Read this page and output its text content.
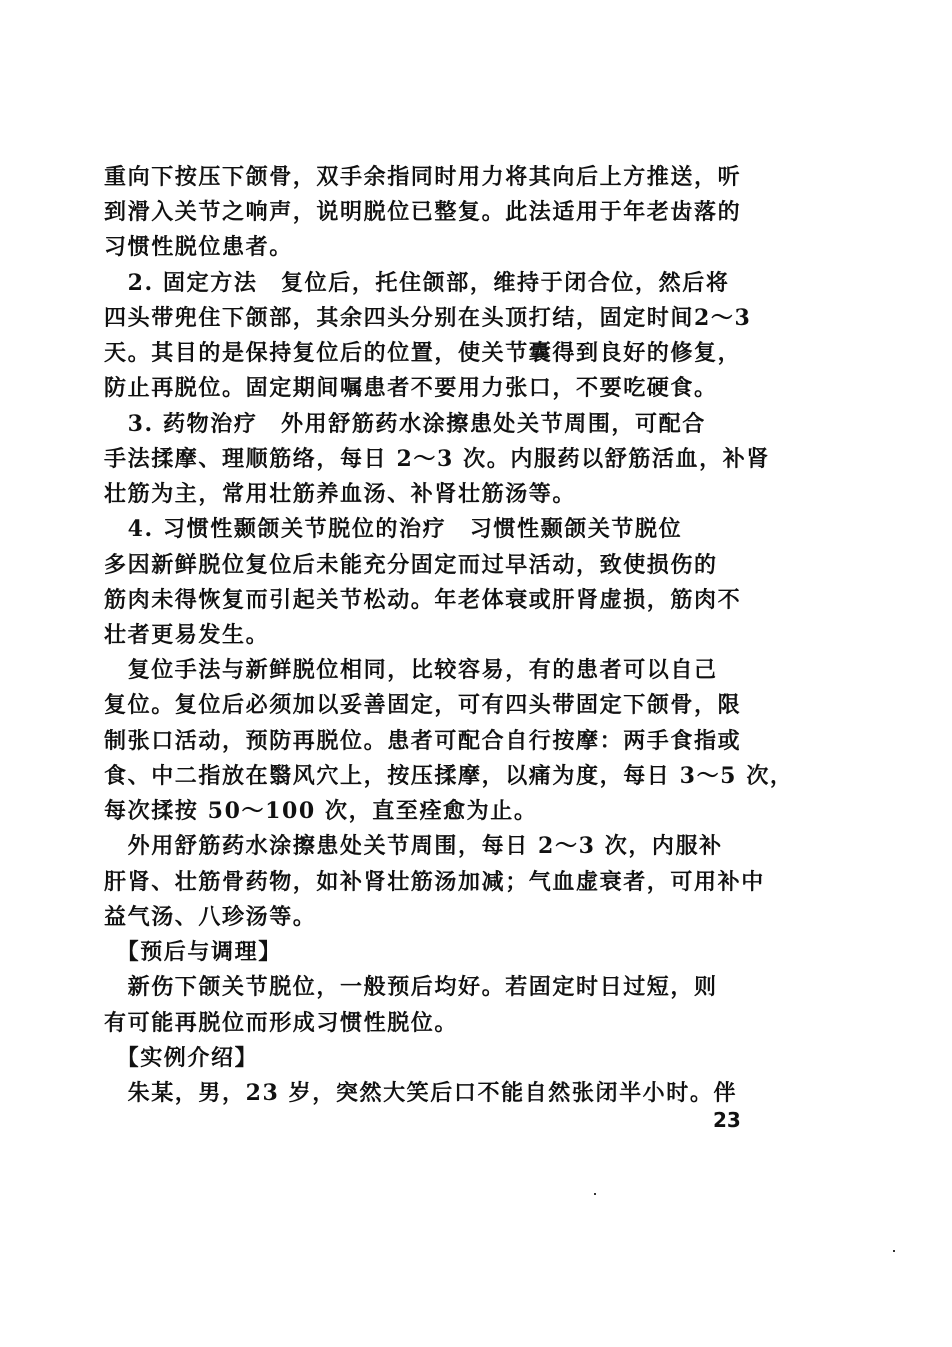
重向下按压下颌骨，双手余指同时用力将其向后上方推送，听
到滑入关节之响声，说明脱位已整复。此法适用于年老齿落的
习惯性脱位患者。
　2. 固定方法　复位后，托住颌部，维持于闭合位，然后将
四头带兜住下颌部，其余四头分别在头顶打结，固定时间2～3
天。其目的是保持复位后的位置，使关节囊得到良好的修复，
防止再脱位。固定期间嘱患者不要用力张口，不要吃硬食。
　3. 药物治疗　外用舒筋药水涂擦患处关节周围，可配合
手法揉摩、理顺筋络，每日 2～3 次。内服药以舒筋活血，补肾
壮筋为主，常用壮筋养血汤、补肾壮筋汤等。
　4. 习惯性颞颌关节脱位的治疗　习惯性颞颌关节脱位
多因新鲜脱位复位后未能充分固定而过早活动，致使损伤的
筋肉未得恢复而引起关节松动。年老体衰或肝肾虚损，筋肉不
壮者更易发生。
　复位手法与新鲜脱位相同，比较容易，有的患者可以自己
复位。复位后必须加以妥善固定，可有四头带固定下颌骨，限
制张口活动，预防再脱位。患者可配合自行按摩：两手食指或
食、中二指放在翳风穴上，按压揉摩，以痛为度，每日 3～5 次，
每次揉按 50～100 次，直至痊愈为止。
　外用舒筋药水涂擦患处关节周围，每日 2～3 次，内服补
肝肾、壮筋骨药物，如补肾壮筋汤加减；气血虚衰者，可用补中
益气汤、八珍汤等。
　【预后与调理】
　新伤下颌关节脱位，一般预后均好。若固定时日过短，则
有可能再脱位而形成习惯性脱位。
　【实例介绍】
　朱某，男，23 岁，突然大笑后口不能自然张闭半小时。伴
23
